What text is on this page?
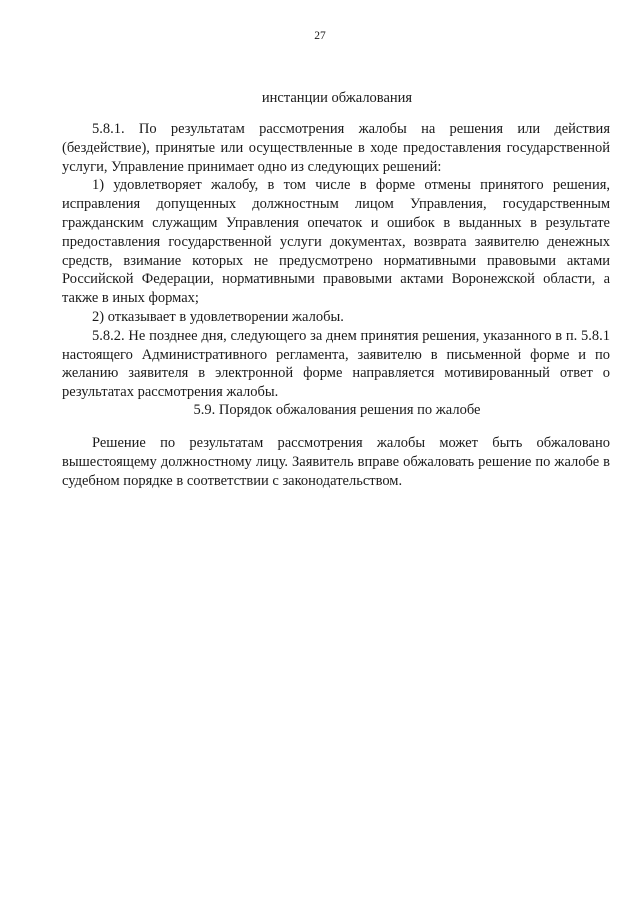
27
инстанции обжалования

5.8.1. По результатам рассмотрения жалобы на решения или действия (бездействие), принятые или осуществленные в ходе предоставления государственной услуги, Управление принимает одно из следующих решений:

1) удовлетворяет жалобу, в том числе в форме отмены принятого решения, исправления допущенных должностным лицом Управления, государственным гражданским служащим Управления опечаток и ошибок в выданных в результате предоставления государственной услуги документах, возврата заявителю денежных средств, взимание которых не предусмотрено нормативными правовыми актами Российской Федерации, нормативными правовыми актами Воронежской области, а также в иных формах;

2) отказывает в удовлетворении жалобы.

5.8.2. Не позднее дня, следующего за днем принятия решения, указанного в п. 5.8.1 настоящего Административного регламента, заявителю в письменной форме и по желанию заявителя в электронной форме направляется мотивированный ответ о результатах рассмотрения жалобы.

5.9. Порядок обжалования решения по жалобе

Решение по результатам рассмотрения жалобы может быть обжаловано вышестоящему должностному лицу. Заявитель вправе обжаловать решение по жалобе в судебном порядке в соответствии с законодательством.
